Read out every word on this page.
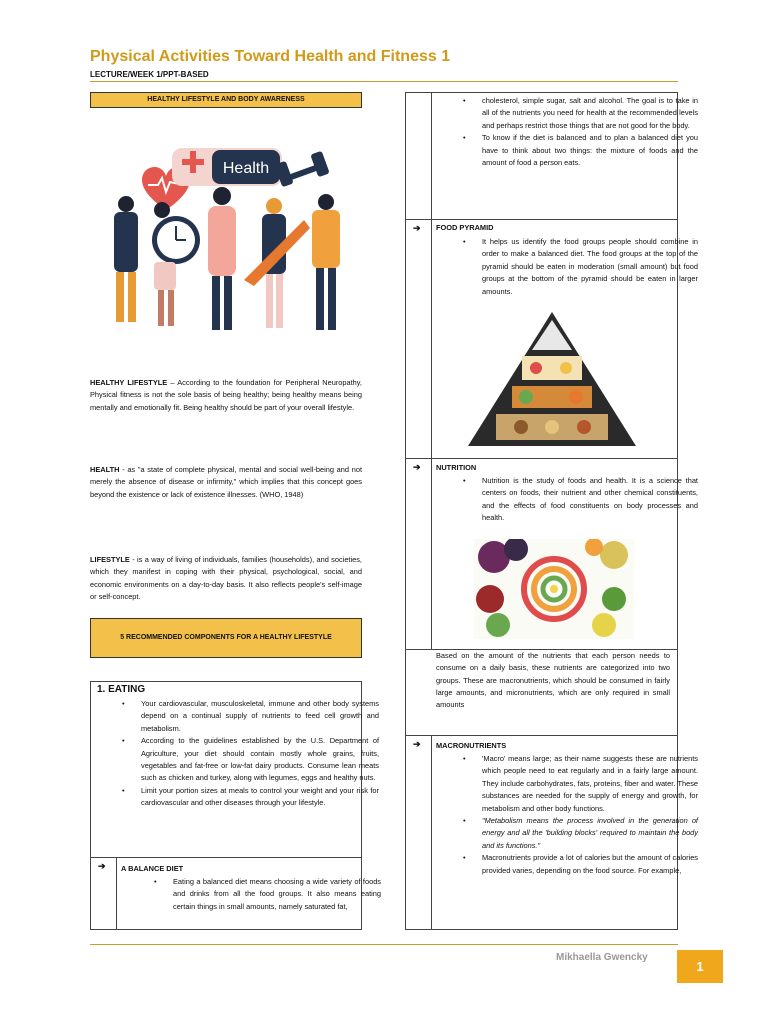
Physical Activities Toward Health and Fitness 1
LECTURE/WEEK 1/PPT-BASED
HEALTHY LIFESTYLE AND BODY AWARENESS
Health
HEALTHY LIFESTYLE – According to the foundation for Peripheral Neuropathy, Physical fitness is not the sole basis of being healthy; being healthy means being mentally and emotionally fit. Being healthy should be part of your overall lifestyle.
HEALTH - as "a state of complete physical, mental and social well-being and not merely the absence of disease or infirmity," which implies that this concept goes beyond the existence or lack of existence illnesses. (WHO, 1948)
LIFESTYLE - is a way of living of individuals, families (households), and societies, which they manifest in coping with their physical, psychological, social, and economic environments on a day-to-day basis. It also reflects people's self-image or self-concept.
5 RECOMMENDED COMPONENTS FOR A HEALTHY LIFESTYLE
1. EATING
• Your cardiovascular, musculoskeletal, immune and other body systems depend on a continual supply of nutrients to feed cell growth and metabolism.
• According to the guidelines established by the U.S. Department of Agriculture, your diet should contain mostly whole grains, fruits, vegetables and fat-free or low-fat dairy products. Consume lean meats such as chicken and turkey, along with legumes, eggs and healthy nuts.
• Limit your portion sizes at meals to control your weight and your risk for cardiovascular and other diseases through your lifestyle.
➔ A BALANCE DIET
• Eating a balanced diet means choosing a wide variety of foods and drinks from all the food groups. It also means eating certain things in small amounts, namely saturated fat,
• cholesterol, simple sugar, salt and alcohol. The goal is to take in all of the nutrients you need for health at the recommended levels and perhaps restrict those things that are not good for the body.
• To know if the diet is balanced and to plan a balanced diet you have to think about two things: the mixture of foods and the amount of food a person eats.
➔ FOOD PYRAMID
• It helps us identify the food groups people should combine in order to make a balanced diet. The food groups at the top of the pyramid should be eaten in moderation (small amount) but food groups at the bottom of the pyramid should be eaten in larger amounts.
➔ NUTRITION
• Nutrition is the study of foods and health. It is a science that centers on foods, their nutrient and other chemical constituents, and the effects of food constituents on body processes and health.
Based on the amount of the nutrients that each person needs to consume on a daily basis, these nutrients are categorized into two groups. These are macronutrients, which should be consumed in fairly large amounts, and micronutrients, which are only required in small amounts
➔ MACRONUTRIENTS
• 'Macro' means large; as their name suggests these are nutrients which people need to eat regularly and in a fairly large amount. They include carbohydrates, fats, proteins, fiber and water. These substances are needed for the supply of energy and growth, for metabolism and other body functions.
• "Metabolism means the process involved in the generation of energy and all the 'building blocks' required to maintain the body and its functions."
• Macronutrients provide a lot of calories but the amount of calories provided varies, depending on the food source. For example,
Mikhaella Gwencky
1
